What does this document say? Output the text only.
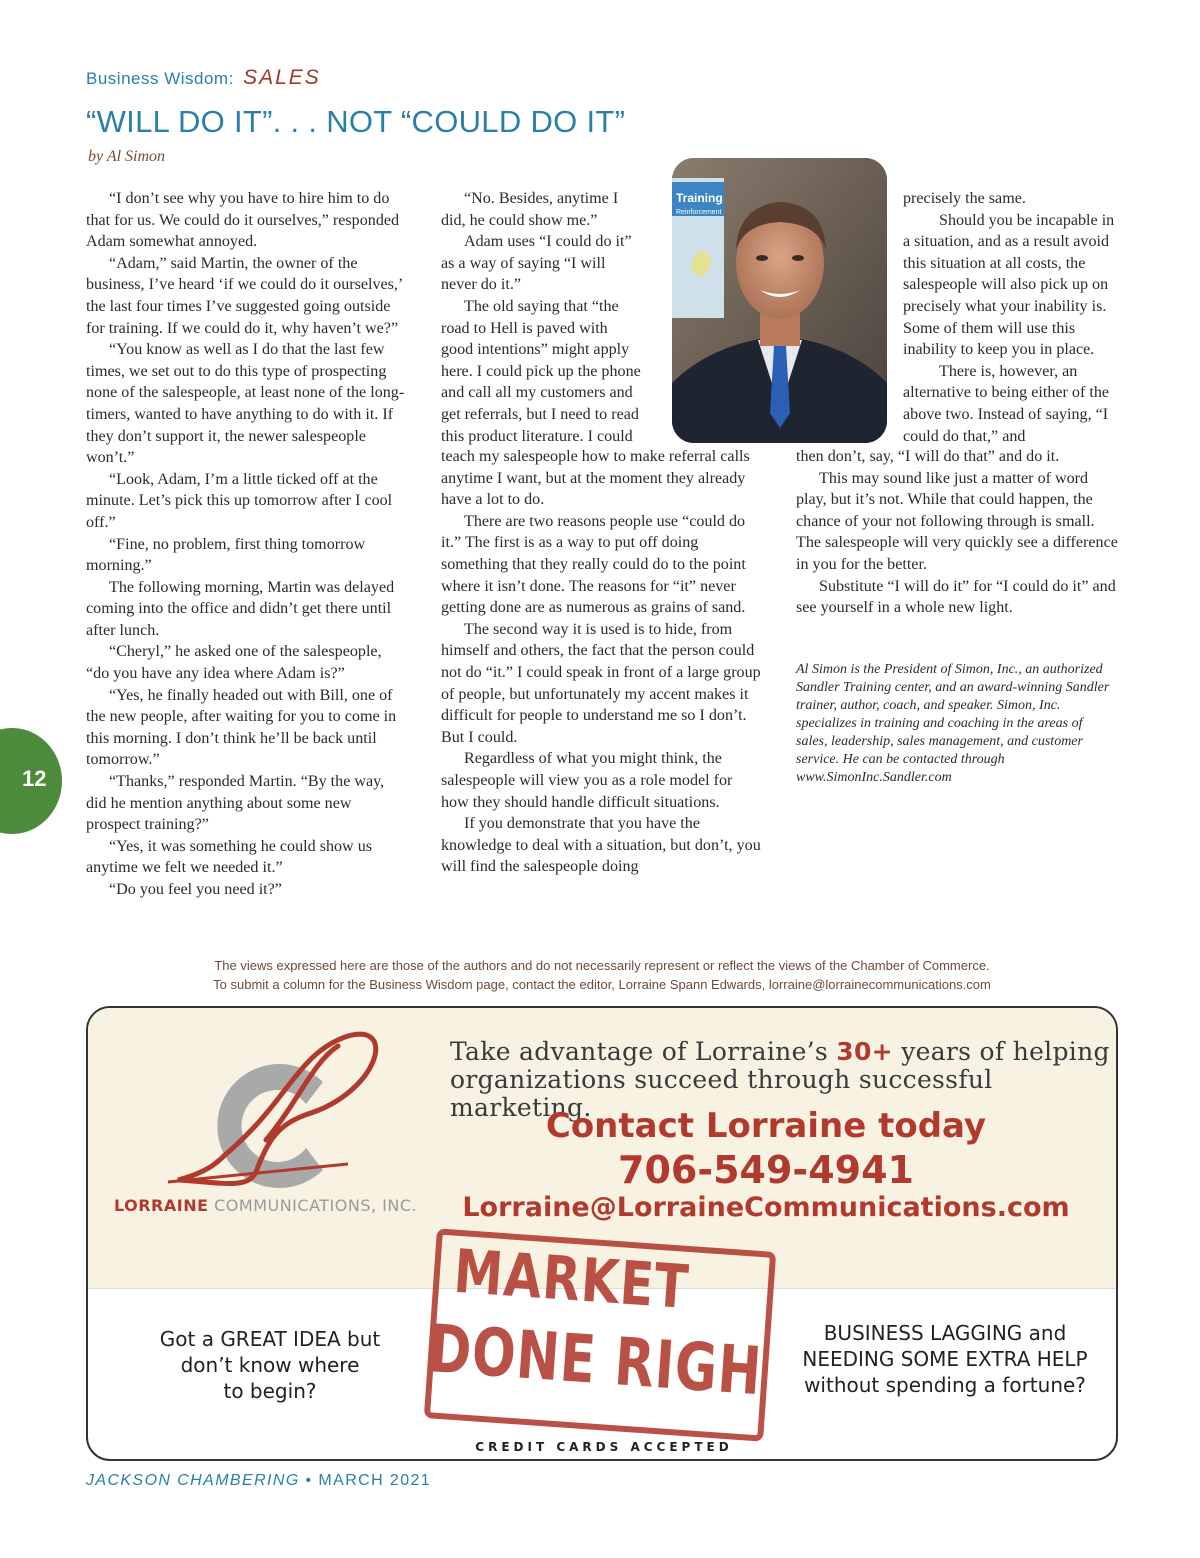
Business Wisdom: SALES
“WILL DO IT”. . . NOT “COULD DO IT”
by Al Simon
12

“I don’t see why you have to hire him to do that for us. We could do it ourselves,” responded Adam somewhat annoyed.

“Adam,” said Martin, the owner of the business, I’ve heard ‘if we could do it ourselves,’ the last four times I’ve suggested going outside for training. If we could do it, why haven’t we?”

“You know as well as I do that the last few times, we set out to do this type of prospecting none of the salespeople, at least none of the long-timers, wanted to have anything to do with it. If they don’t support it, the newer salespeople won’t.”

“Look, Adam, I’m a little ticked off at the minute. Let’s pick this up tomorrow after I cool off.”

“Fine, no problem, first thing tomorrow morning.”

The following morning, Martin was delayed coming into the office and didn’t get there until after lunch.

“Cheryl,” he asked one of the salespeople, “do you have any idea where Adam is?”

“Yes, he finally headed out with Bill, one of the new people, after waiting for you to come in this morning. I don’t think he’ll be back until tomorrow.”

“Thanks,” responded Martin. “By the way, did he mention anything about some new prospect training?”

“Yes, it was something he could show us anytime we felt we needed it.”

“Do you feel you need it?”

“No. Besides, anytime I did, he could show me.”

Adam uses “I could do it” as a way of saying “I will never do it.”

The old saying that “the road to Hell is paved with good intentions” might apply here. I could pick up the phone and call all my customers and get referrals, but I need to read this product literature. I could

teach my salespeople how to make referral calls anytime I want, but at the moment they already have a lot to do.

There are two reasons people use “could do it.” The first is as a way to put off doing something that they really could do to the point where it isn’t done. The reasons for “it” never getting done are as numerous as grains of sand.

The second way it is used is to hide, from himself and others, the fact that the person could not do “it.” I could speak in front of a large group of people, but unfortunately my accent makes it difficult for people to understand me so I don’t. But I could.

Regardless of what you might think, the salespeople will view you as a role model for how they should handle difficult situations.

If you demonstrate that you have the knowledge to deal with a situation, but don’t, you will find the salespeople doing

Training
Reinforcement

precisely the same.

Should you be incapable in a situation, and as a result avoid this situation at all costs, the salespeople will also pick up on precisely what your inability is. Some of them will use this inability to keep you in place.

There is, however, an alternative to being either of the above two. Instead of saying, “I could do that,” and

then don’t, say, “I will do that” and do it.

This may sound like just a matter of word play, but it’s not. While that could happen, the chance of your not following through is small. The salespeople will very quickly see a difference in you for the better.

Substitute “I will do it” for “I could do it” and see yourself in a whole new light.

Al Simon is the President of Simon, Inc., an authorized Sandler Training center, and an award-winning Sandler trainer, author, coach, and speaker. Simon, Inc. specializes in training and coaching in the areas of sales, leadership, sales management, and customer service. He can be contacted through www.SimonInc.Sandler.com
The views expressed here are those of the authors and do not necessarily represent or reflect the views of the Chamber of Commerce.
To submit a column for the Business Wisdom page, contact the editor, Lorraine Spann Edwards, lorraine@lorrainecommunications.com
LORRAINE COMMUNICATIONS, INC.
Take advantage of Lorraine’s 30+ years of helping organizations succeed through successful marketing.
Contact Lorraine today
706-549-4941
Lorraine@LorraineCommunications.com
MARKET
DONE RIGH
Got a GREAT IDEA but
don’t know where
to begin?
BUSINESS LAGGING and
NEEDING SOME EXTRA HELP
without spending a fortune?
CREDIT CARDS ACCEPTED
JACKSON CHAMBERING • MARCH 2021
